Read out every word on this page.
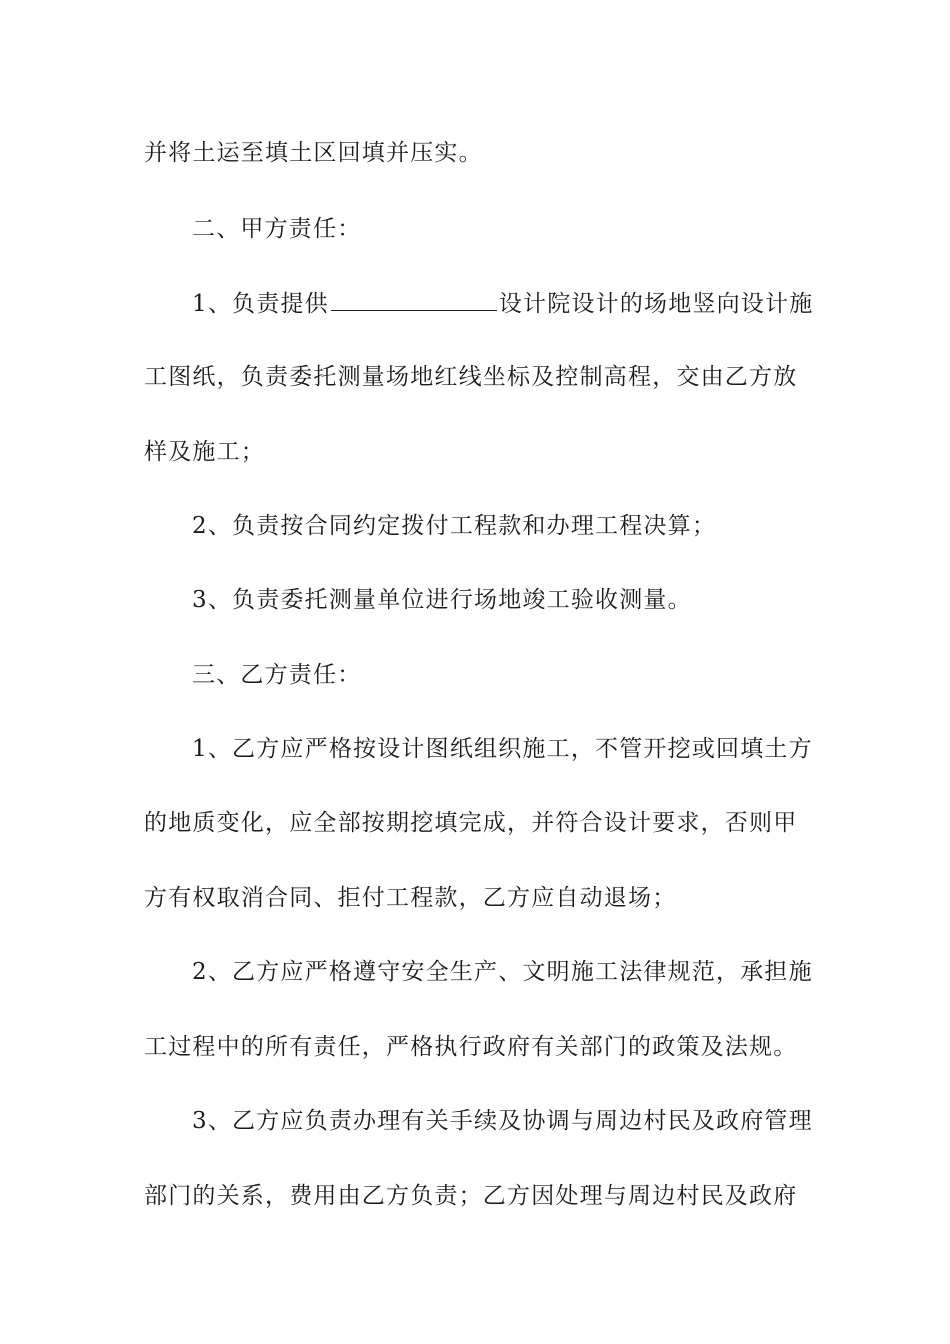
并将土运至填土区回填并压实。
二、甲方责任：
1、负责提供	设计院设计的场地竖向设计施
工图纸，负责委托测量场地红线坐标及控制高程，交由乙方放
样及施工；
2、负责按合同约定拨付工程款和办理工程决算；
3、负责委托测量单位进行场地竣工验收测量。
三、乙方责任：
1、乙方应严格按设计图纸组织施工，不管开挖或回填土方
的地质变化，应全部按期挖填完成，并符合设计要求，否则甲
方有权取消合同、拒付工程款，乙方应自动退场；
2、乙方应严格遵守安全生产、文明施工法律规范，承担施
工过程中的所有责任，严格执行政府有关部门的政策及法规。
3、乙方应负责办理有关手续及协调与周边村民及政府管理
部门的关系，费用由乙方负责；乙方因处理与周边村民及政府
